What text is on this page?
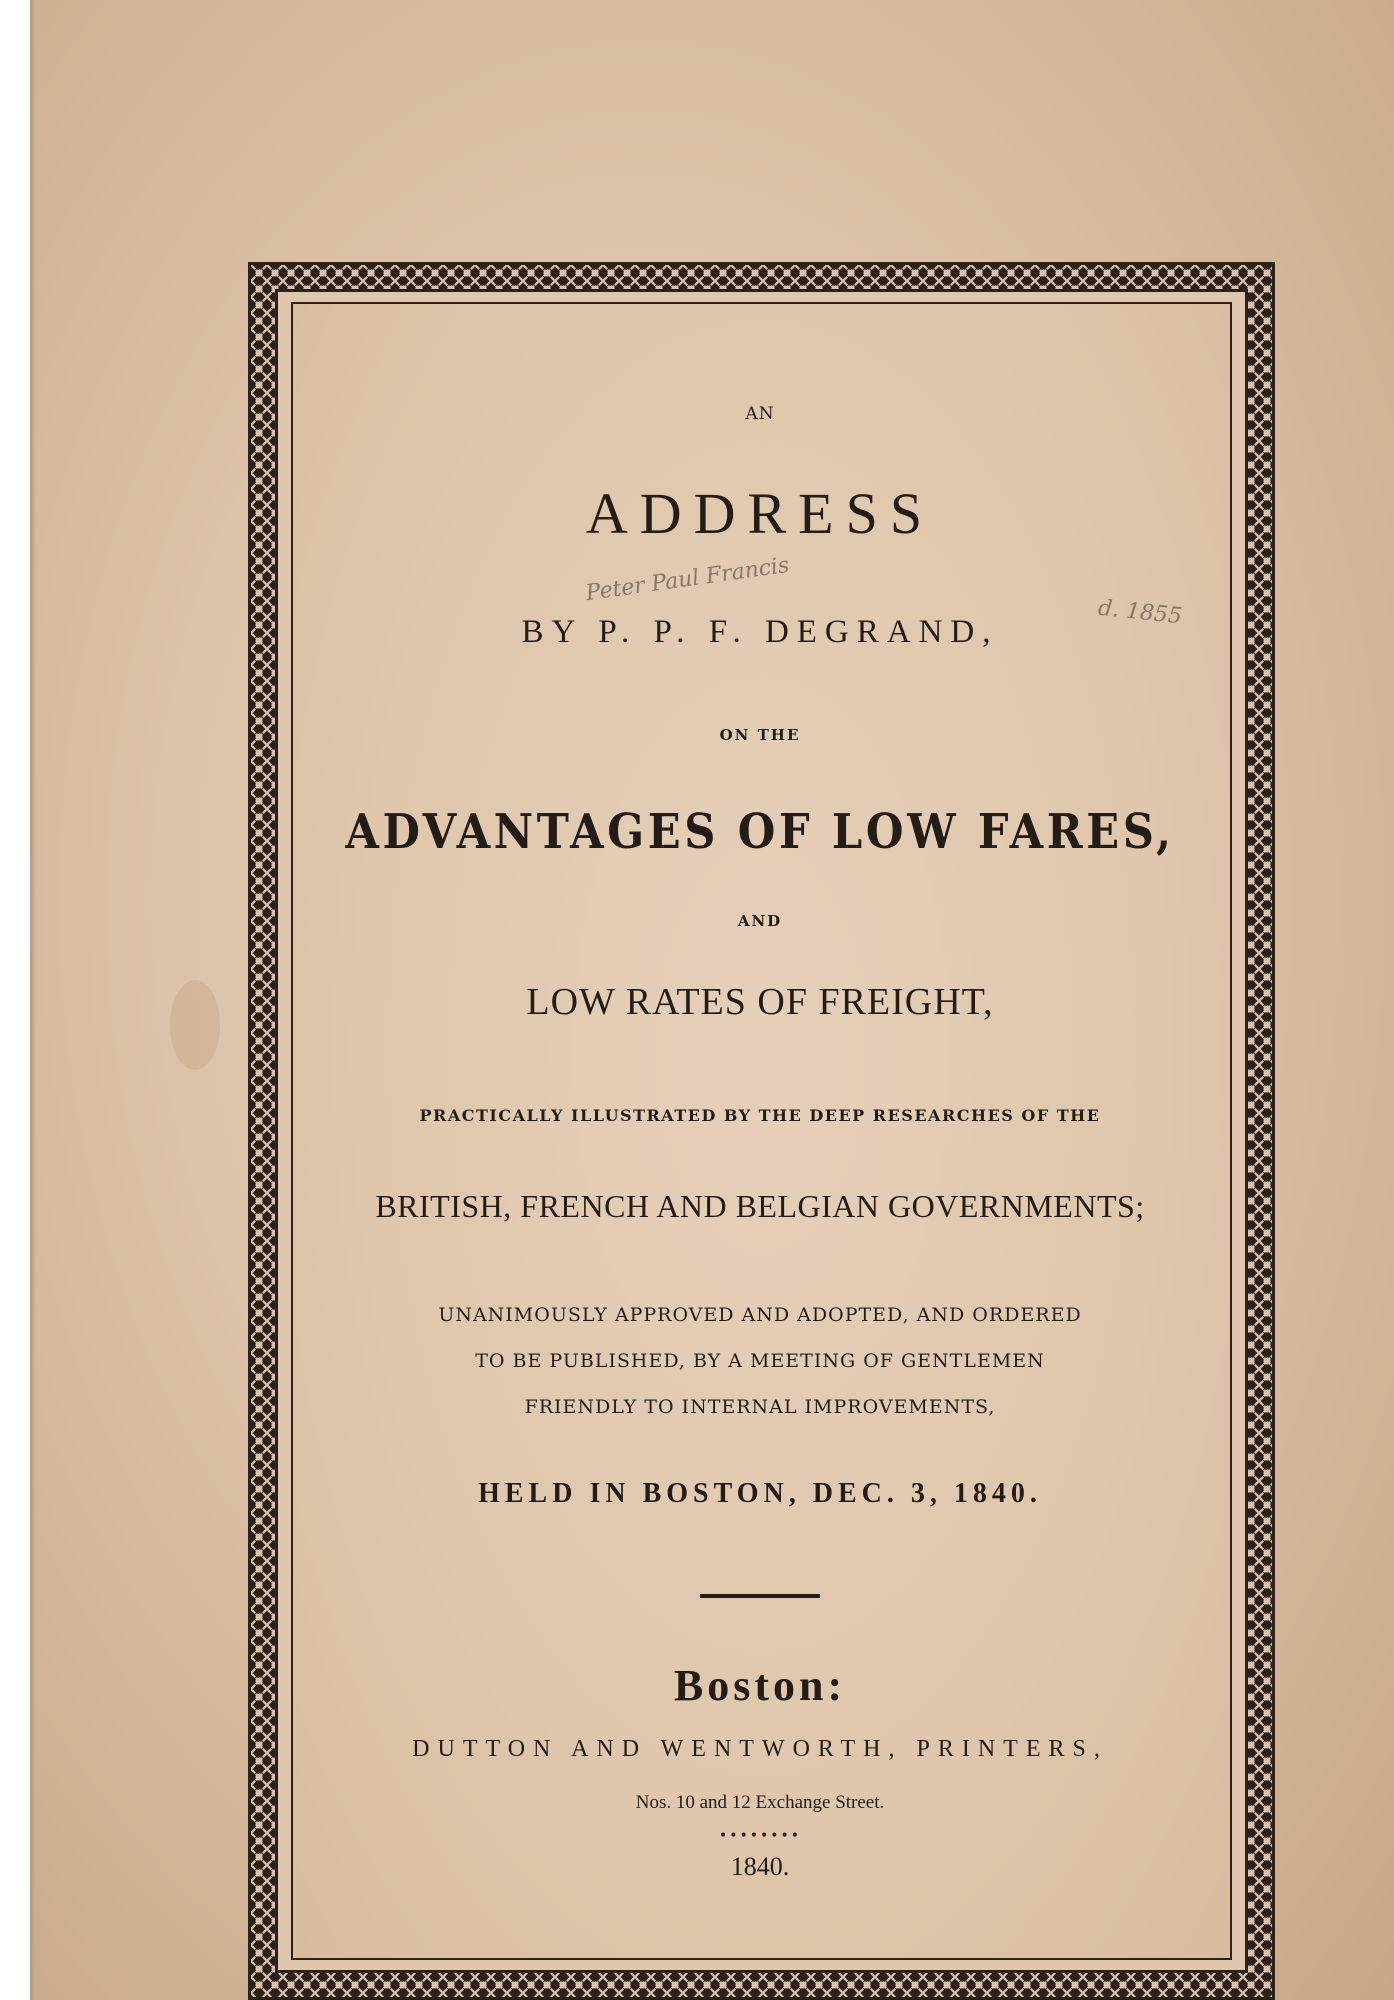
AN
ADDRESS
BY P. P. F. DEGRAND,
ON THE
ADVANTAGES OF LOW FARES,
AND
LOW RATES OF FREIGHT,
PRACTICALLY ILLUSTRATED BY THE DEEP RESEARCHES OF THE
BRITISH, FRENCH AND BELGIAN GOVERNMENTS;
UNANIMOUSLY APPROVED AND ADOPTED, AND ORDERED
TO BE PUBLISHED, BY A MEETING OF GENTLEMEN
FRIENDLY TO INTERNAL IMPROVEMENTS,
HELD IN BOSTON, DEC. 3, 1840.
Boston:
DUTTON AND WENTWORTH, PRINTERS,
Nos. 10 and 12 Exchange Street.
••••••••
1840.
Peter Paul Francis
d. 1855
